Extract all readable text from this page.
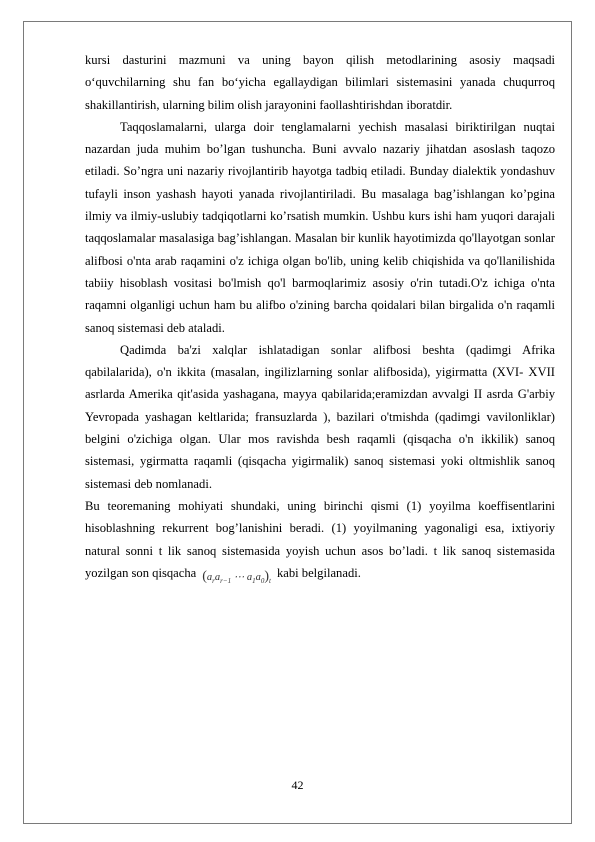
kursi dasturini mazmuni va uning bayon qilish metodlarining asosiy maqsadi o‘quvchilarning shu fan bo‘yicha egallaydigan bilimlari sistemasini yanada chuqurroq shakillantirish, ularning bilim olish jarayonini faollashtirishdan iboratdir.

Taqqoslamalarni, ularga doir tenglamalarni yechish masalasi biriktirilgan nuqtai nazardan juda muhim bo’lgan tushuncha. Buni avvalo nazariy jihatdan asoslash taqozo etiladi. So’ngra uni nazariy rivojlantirib hayotga tadbiq etiladi. Bunday dialektik yondashuv tufayli inson yashash hayoti yanada rivojlantiriladi. Bu masalaga bag’ishlangan ko’pgina ilmiy va ilmiy-uslubiy tadqiqotlarni ko’rsatish mumkin. Ushbu kurs ishi ham yuqori darajali taqqoslamalar masalasiga bag’ishlangan. Masalan bir kunlik hayotimizda qo'llayotgan sonlar alifbosi o'nta arab raqamini o'z ichiga olgan bo'lib, uning kelib chiqishida va qo'llanilishida tabiiy hisoblash vositasi bo'lmish qo'l barmoqlarimiz asosiy o'rin tutadi.O'z ichiga o'nta raqamni olganligi uchun ham bu alifbo o'zining barcha qoidalari bilan birgalida o'n raqamli sanoq sistemasi deb ataladi.

Qadimda ba'zi xalqlar ishlatadigan sonlar alifbosi beshta (qadimgi Afrika qabilalarida), o'n ikkita (masalan, ingilizlarning sonlar alifbosida), yigirmatta (XVI- XVII asrlarda Amerika qit'asida yashagana, mayya qabilarida;eramizdan avvalgi II asrda G'arbiy Yevropada yashagan keltlarida; fransuzlarda ), bazilari o'tmishda (qadimgi vavilonliklar) belgini o'zichiga olgan. Ular mos ravishda besh raqamli (qisqacha o'n ikkilik) sanoq sistemasi, ygirmatta raqamli (qisqacha yigirmalik) sanoq sistemasi yoki oltmishlik sanoq sistemasi deb nomlanadi.

Bu teoremaning mohiyati shundaki, uning birinchi qismi (1) yoyilma koeffisentlarini hisoblashning rekurrent bog’lanishini beradi. (1) yoyilmaning yagonaligi esa, ixtiyoriy natural sonni t lik sanoq sistemasida yoyish uchun asos bo’ladi. t lik sanoq sistemasida yozilgan son qisqacha ($a_ra_{r-1}$ ⋯ $a_1a_0)_tkabi$ belgilanadi.

42
